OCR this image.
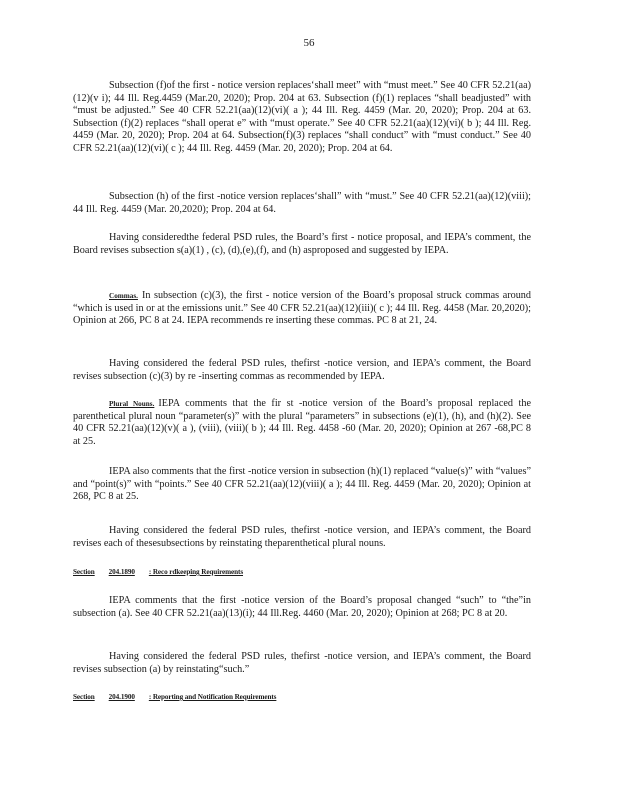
56

Subsection (f)of the first - notice version replaces‘shall meet” with “must meet.” See 40 CFR 52.21(aa)(12)(v i); 44 Ill. Reg.4459 (Mar.20, 2020); Prop. 204 at 63. Subsection (f)(1) replaces “shall beadjusted” with “must be adjusted.” See 40 CFR 52.21(aa)(12)(vi)( a ); 44 Ill. Reg. 4459 (Mar. 20, 2020); Prop. 204 at 63. Subsection (f)(2) replaces “shall operat e” with “must operate.” See 40 CFR 52.21(aa)(12)(vi)( b ); 44 Ill. Reg. 4459 (Mar. 20, 2020); Prop. 204 at 64. Subsection(f)(3) replaces “shall conduct” with “must conduct.” See 40 CFR 52.21(aa)(12)(vi)( c ); 44 Ill. Reg. 4459 (Mar. 20, 2020); Prop. 204 at 64.

Subsection (h) of the first -notice version replaces‘shall” with “must.” See 40 CFR 52.21(aa)(12)(viii); 44 Ill. Reg. 4459 (Mar. 20,2020); Prop. 204 at 64.

Having consideredthe federal PSD rules, the Board’s first - notice proposal, and IEPA’s comment, the Board revises subsection s(a)(1) , (c), (d),(e),(f), and (h) asproposed and suggested by IEPA.

Commas. In subsection (c)(3), the first - notice version of the Board’s proposal struck commas around “which is used in or at the emissions unit.” See 40 CFR 52.21(aa)(12)(iii)( c ); 44 Ill. Reg. 4458 (Mar. 20,2020); Opinion at 266, PC 8 at 24. IEPA recommends re inserting these commas. PC 8 at 21, 24.

Having considered the federal PSD rules, thefirst -notice version, and IEPA’s comment, the Board revises subsection (c)(3) by re -inserting commas as recommended by IEPA.

Plural Nouns. IEPA comments that the fir st -notice version of the Board’s proposal replaced the parenthetical plural noun “parameter(s)” with the plural “parameters” in subsections (e)(1), (h), and (h)(2). See 40 CFR 52.21(aa)(12)(v)( a ), (viii), (viii)( b ); 44 Ill. Reg. 4458 -60 (Mar. 20, 2020); Opinion at 267 -68,PC 8 at 25.

IEPA also comments that the first -notice version in subsection (h)(1) replaced “value(s)” with “values” and “point(s)” with “points.” See 40 CFR 52.21(aa)(12)(viii)( a ); 44 Ill. Reg. 4459 (Mar. 20, 2020); Opinion at 268, PC 8 at 25.

Having considered the federal PSD rules, thefirst -notice version, and IEPA’s comment, the Board revises each of thesesubsections by reinstating theparenthetical plural nouns.

Section 204.1890 : Reco rdkeeping Requirements

IEPA comments that the first -notice version of the Board’s proposal changed “such” to “the”in subsection (a). See 40 CFR 52.21(aa)(13)(i); 44 Ill.Reg. 4460 (Mar. 20, 2020); Opinion at 268; PC 8 at 20.

Having considered the federal PSD rules, thefirst -notice version, and IEPA’s comment, the Board revises subsection (a) by reinstating“such.”

Section 204.1900 : Reporting and Notification Requirements
